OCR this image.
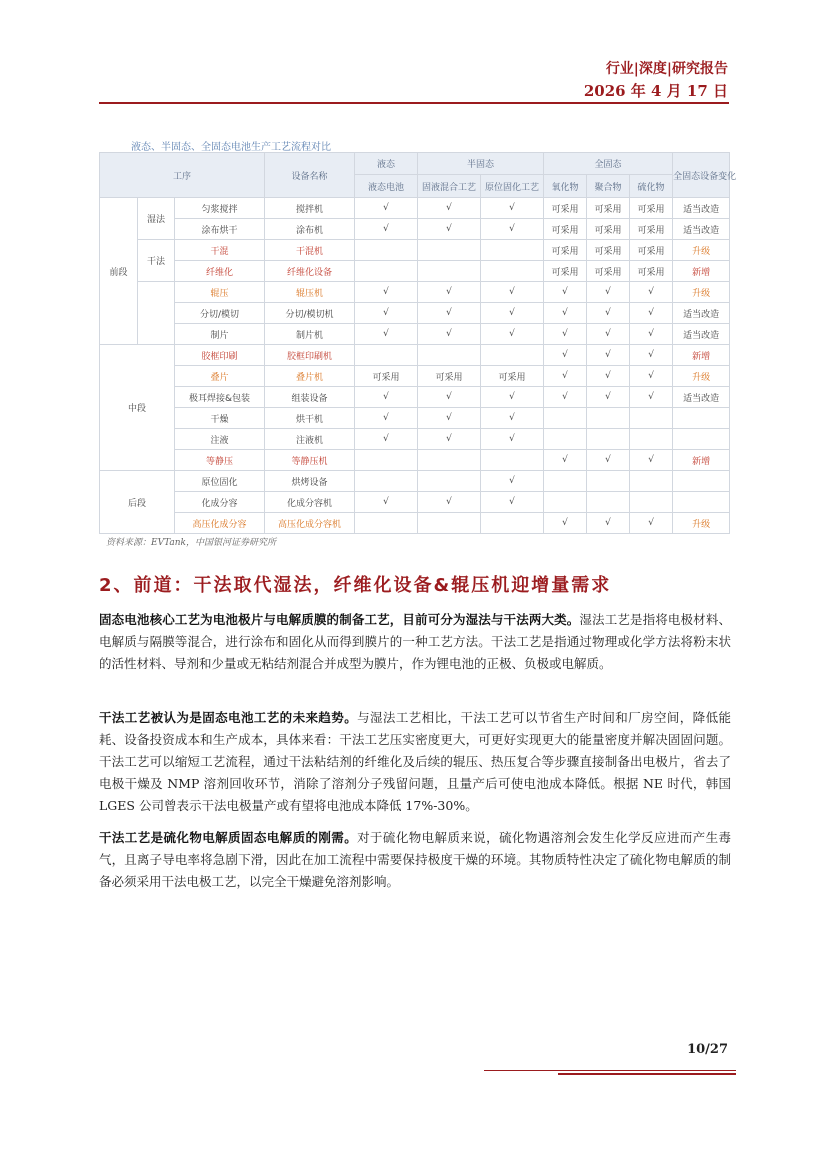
行业|深度|研究报告
2026 年 4 月 17 日
液态、半固态、全固态电池生产工艺流程对比
工序			设备名称	液态	半固态		全固态			全固态设备变化
				液态电池	固液混合工艺	原位固化工艺	氧化物	聚合物	硫化物	
前段	湿法	匀浆搅拌	搅拌机	√	√	√	可采用	可采用	可采用	适当改造
		涂布烘干	涂布机	√	√	√	可采用	可采用	可采用	适当改造
	干法	干混	干混机				可采用	可采用	可采用	升级
		纤维化	纤维化设备				可采用	可采用	可采用	新增
		辊压	辊压机	√	√	√	√	√	√	升级
		分切/模切	分切/模切机	√	√	√	√	√	√	适当改造
		制片	制片机	√	√	√	√	√	√	适当改造
中段		胶框印刷	胶框印刷机				√	√	√	新增
		叠片	叠片机	可采用	可采用	可采用	√	√	√	升级
		极耳焊接&包装	组装设备	√	√	√	√	√	√	适当改造
		干燥	烘干机	√	√	√				
		注液	注液机	√	√	√				
		等静压	等静压机				√	√	√	新增
后段		原位固化	烘烤设备			√				
		化成分容	化成分容机	√	√	√				
		高压化成分容	高压化成分容机				√	√	√	升级
资料来源：EVTank，中国银河证券研究所
2、前道：干法取代湿法，纤维化设备&辊压机迎增量需求
固态电池核心工艺为电池极片与电解质膜的制备工艺，目前可分为湿法与干法两大类。湿法工艺是指将电极材料、电解质与隔膜等混合，进行涂布和固化从而得到膜片的一种工艺方法。干法工艺是指通过物理或化学方法将粉末状的活性材料、导剂和少量或无粘结剂混合并成型为膜片，作为锂电池的正极、负极或电解质。
干法工艺被认为是固态电池工艺的未来趋势。与湿法工艺相比，干法工艺可以节省生产时间和厂房空间，降低能耗、设备投资成本和生产成本，具体来看：干法工艺压实密度更大，可更好实现更大的能量密度并解决固固问题。干法工艺可以缩短工艺流程，通过干法粘结剂的纤维化及后续的辊压、热压复合等步骤直接制备出电极片，省去了电极干燥及 NMP 溶剂回收环节，消除了溶剂分子残留问题，且量产后可使电池成本降低。根据 NE 时代，韩国 LGES 公司曾表示干法电极量产或有望将电池成本降低 17%-30%。
干法工艺是硫化物电解质固态电解质的刚需。对于硫化物电解质来说，硫化物遇溶剂会发生化学反应进而产生毒气，且离子导电率将急剧下滑，因此在加工流程中需要保持极度干燥的环境。其物质特性决定了硫化物电解质的制备必须采用干法电极工艺，以完全干燥避免溶剂影响。
10/27
